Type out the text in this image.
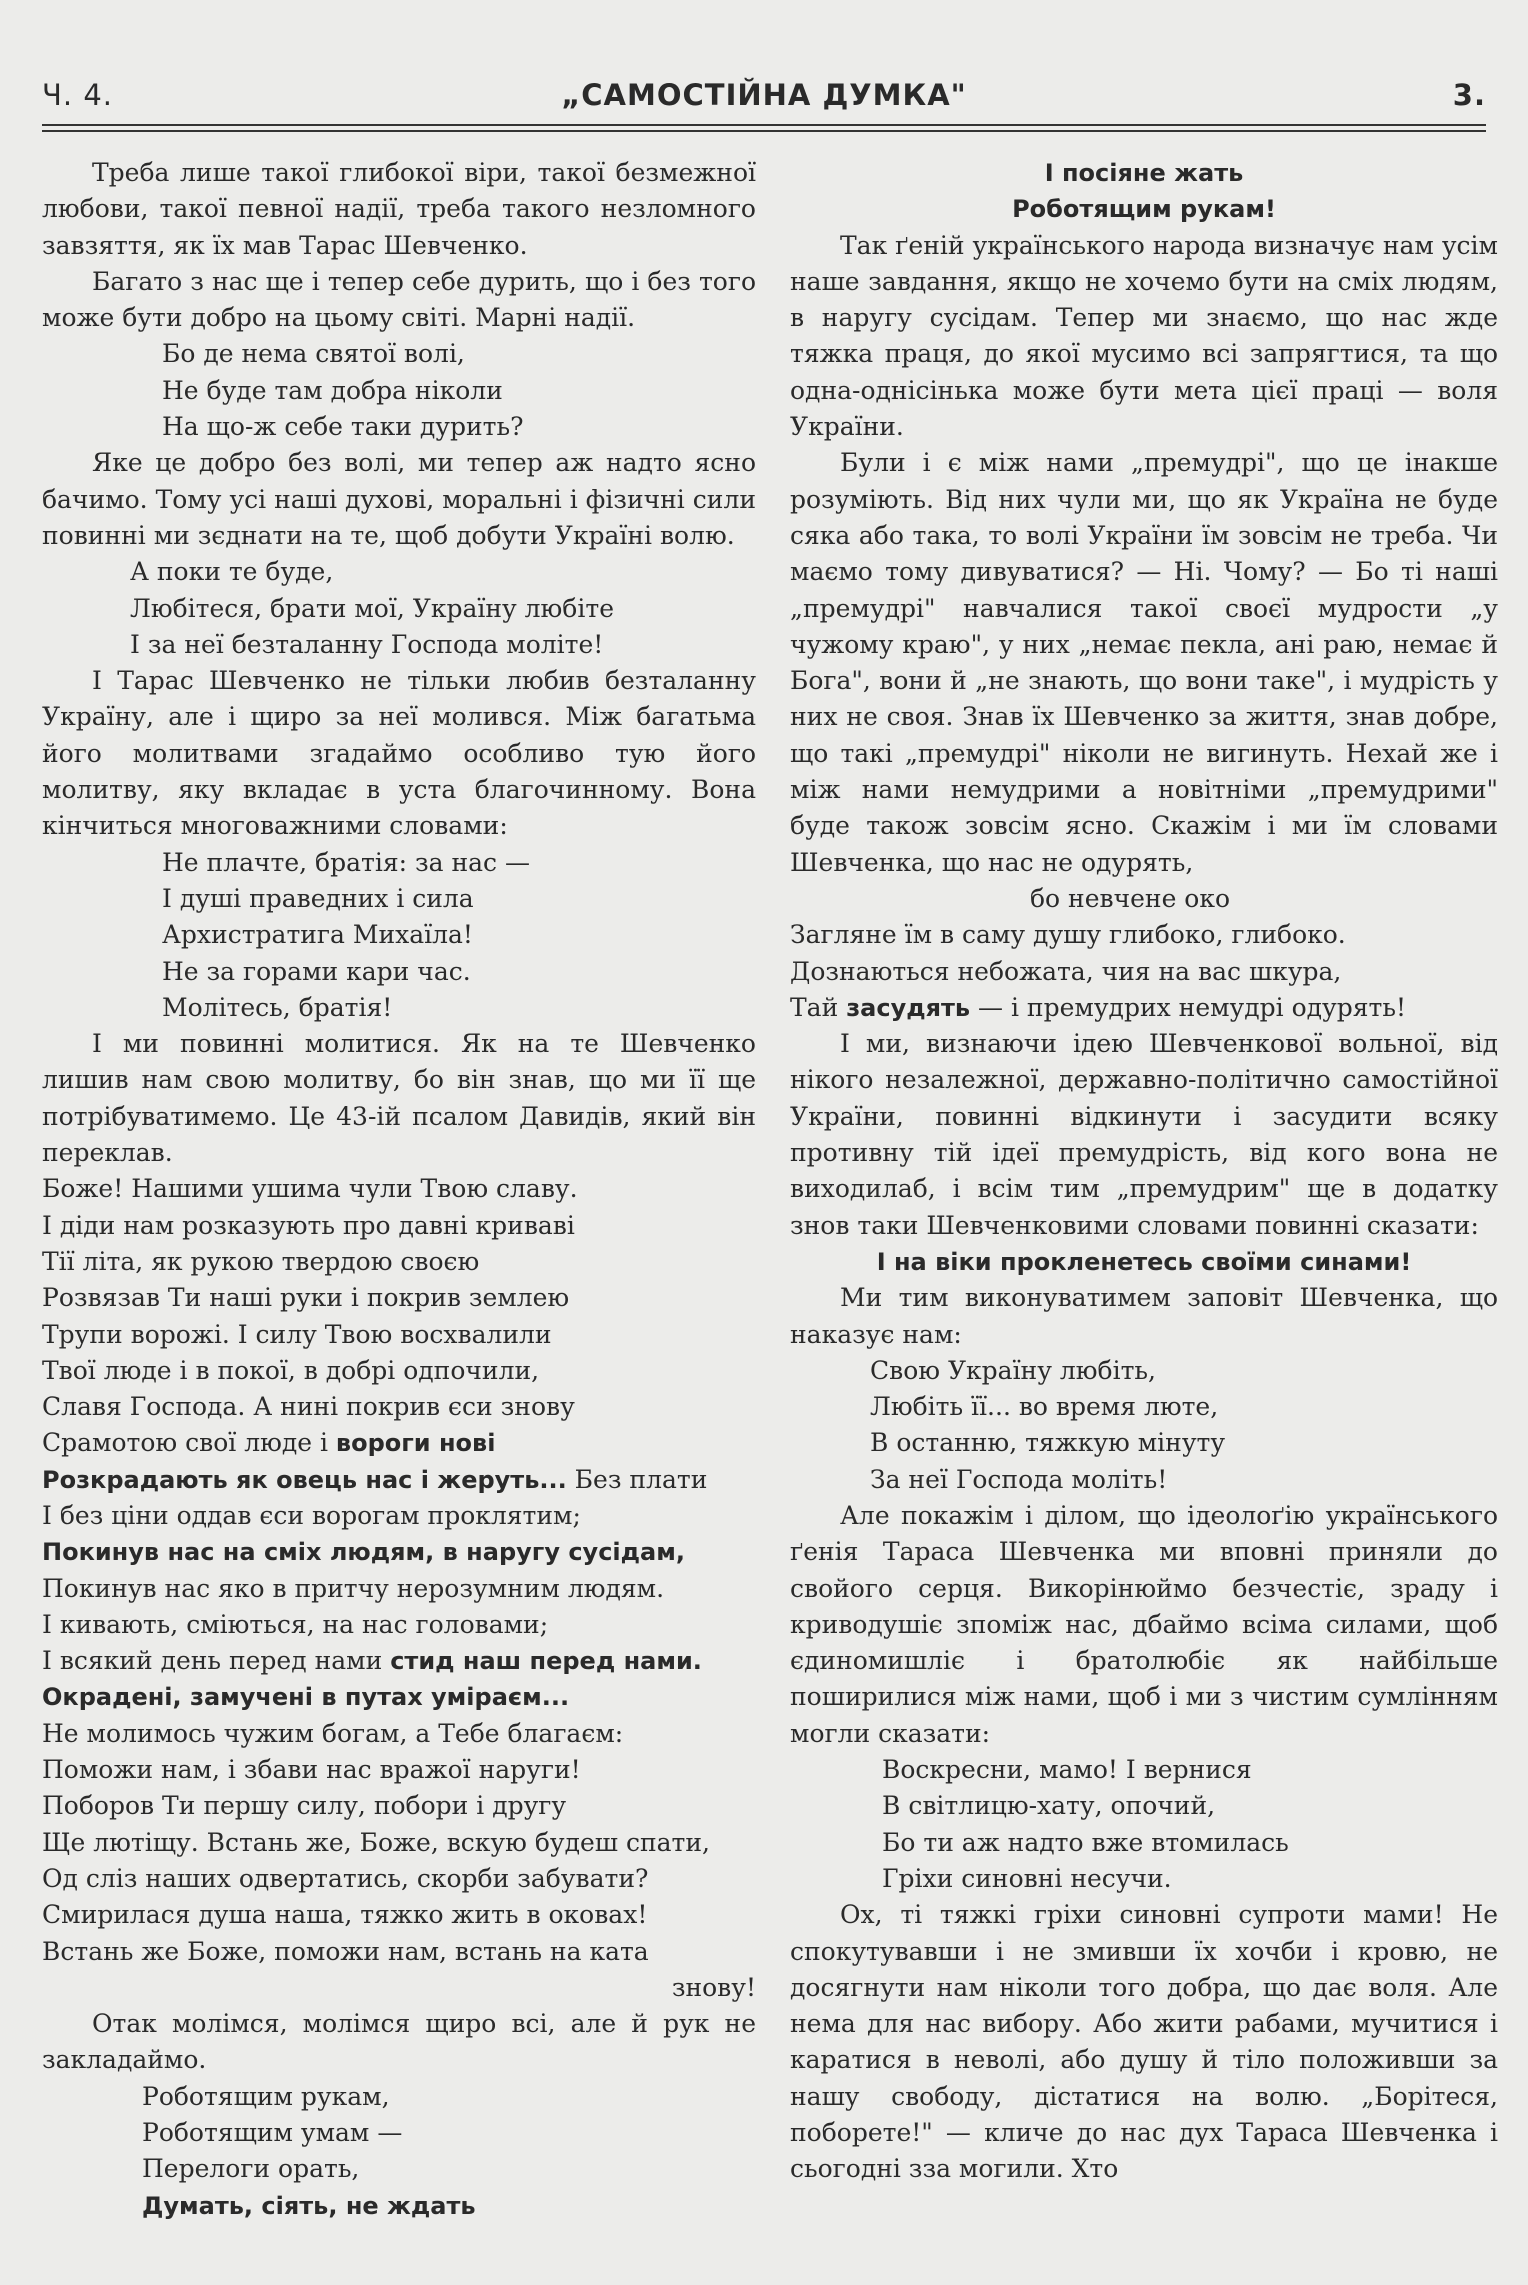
Ч. 4.	„САМОСТІЙНА ДУМКА"	3.

Треба лише такої глибокої віри, такої безмежної любови, такої певної надії, треба такого незломного завзяття, як їх мав Тарас Шевченко.

Багато з нас ще і тепер себе дурить, що і без того може бути добро на цьому світі. Марні надії.

Бо де нема святої волі,

Не буде там добра ніколи

На що-ж себе таки дурить?

Яке це добро без волі, ми тепер аж надто ясно бачимо. Тому усі наші духові, моральні і фізичні сили повинні ми зєднати на те, щоб добути Україні волю.

А поки те буде,

Любітеся, брати мої, Україну любіте

І за неї безталанну Господа моліте!

І Тарас Шевченко не тільки любив безталанну Україну, але і щиро за неї молився. Між багатьма його молитвами згадаймо особливо тую його молитву, яку вкладає в уста благочинному. Вона кінчиться многоважними словами:

Не плачте, братія: за нас —

І душі праведних і сила

Архистратига Михаїла!

Не за горами кари час.

Молітесь, братія!

І ми повинні молитися. Як на те Шевченко лишив нам свою молитву, бо він знав, що ми її ще потрібуватимемо. Це 43-ій псалом Давидів, який він переклав.

Боже! Нашими ушима чули Твою славу.

І діди нам розказують про давні криваві

Тії літа, як рукою твердою своєю

Розвязав Ти наші руки і покрив землею

Трупи ворожі. І силу Твою восхвалили

Твої люде і в покої, в добрі одпочили,

Славя Господа. А нині покрив єси знову

Срамотою свої люде і вороги нові

Розкрадають як овець нас і жеруть... Без плати

І без ціни оддав єси ворогам проклятим;

Покинув нас на сміх людям, в наругу сусідам,

Покинув нас яко в притчу нерозумним людям.

І кивають, сміються, на нас головами;

І всякий день перед нами стид наш перед нами.

Окрадені, замучені в путах уміраєм...

Не молимось чужим богам, а Тебе благаєм:

Поможи нам, і збави нас вражої наруги!

Поборов Ти першу силу, побори і другу

Ще лютіщу. Встань же, Боже, вскую будеш спати,

Од сліз наших одвертатись, скорби забувати?

Смирилася душа наша, тяжко жить в оковах!

Встань же Боже, поможи нам, встань на ката

знову!

Отак молімся, молімся щиро всі, але й рук не закладаймо.

Роботящим рукам,

Роботящим умам —

Перелоги орать,

Думать, сіять, не ждать

І посіяне жать

Роботящим рукам!

Так ґеній українського народа визначує нам усім наше завдання, якщо не хочемо бути на сміх людям, в наругу сусідам. Тепер ми знаємо, що нас жде тяжка праця, до якої мусимо всі запрягтися, та що одна-однісінька може бути мета цієї праці — воля України.

Були і є між нами „премудрі", що це інакше розуміють. Від них чули ми, що як Україна не буде сяка або така, то волі України їм зовсім не треба. Чи маємо тому дивуватися? — Ні. Чому? — Бо ті наші „премудрі" навчалися такої своєї мудрости „у чужому краю", у них „немає пекла, ані раю, немає й Бога", вони й „не знають, що вони таке", і мудрість у них не своя. Знав їх Шевченко за життя, знав добре, що такі „премудрі" ніколи не вигинуть. Нехай же і між нами немудрими а новітніми „премудрими" буде також зовсім ясно. Скажім і ми їм словами Шевченка, що нас не одурять,

бо невчене око

Загляне їм в саму душу глибоко, глибоко.

Дознаються небожата, чия на вас шкура,

Тай засудять — і премудрих немудрі одурять!

І ми, визнаючи ідею Шевченкової вольної, від нікого незалежної, державно-політично самостійної України, повинні відкинути і засудити всяку противну тій ідеї премудрість, від кого вона не виходилаб, і всім тим „премудрим" ще в додатку знов таки Шевченковими словами повинні сказати:

І на віки прокленетесь своїми синами!

Ми тим виконуватимем заповіт Шевченка, що наказує нам:

Свою Україну любіть,

Любіть її... во время люте,

В останню, тяжкую мінуту

За неї Господа моліть!

Але покажім і ділом, що ідеолоґію українського ґенія Тараса Шевченка ми вповні приняли до свойого серця. Викорінюймо безчестіє, зраду і криводушіє зпоміж нас, дбаймо всіма силами, щоб єдиномишліє і братолюбіє як найбільше поширилися між нами, щоб і ми з чистим сумлінням могли сказати:

Воскресни, мамо! І вернися

В світлицю-хату, опочий,

Бо ти аж надто вже втомилась

Гріхи синовні несучи.

Ох, ті тяжкі гріхи синовні супроти мами! Не спокутувавши і не змивши їх хочби і кровю, не досягнути нам ніколи того добра, що дає воля. Але нема для нас вибору. Або жити рабами, мучитися і каратися в неволі, або душу й тіло положивши за нашу свободу, дістатися на волю. „Борітеся, поборете!" — кличе до нас дух Тараса Шевченка і сьогодні зза могили. Хто
